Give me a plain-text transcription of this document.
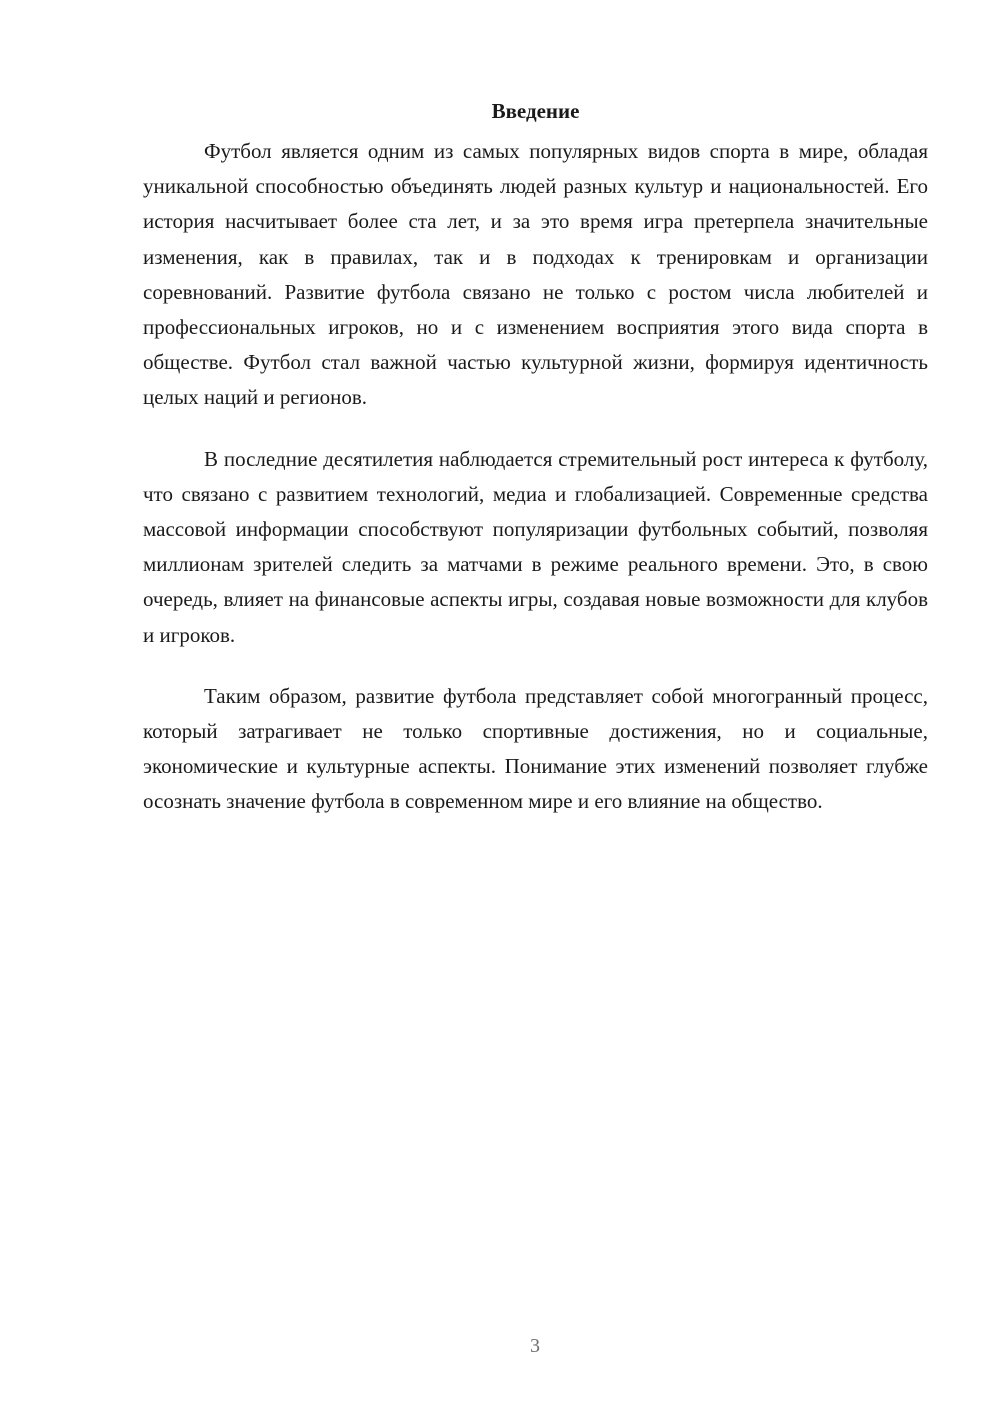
Введение

Футбол является одним из самых популярных видов спорта в мире, обладая уникальной способностью объединять людей разных культур и национальностей. Его история насчитывает более ста лет, и за это время игра претерпела значительные изменения, как в правилах, так и в подходах к тренировкам и организации соревнований. Развитие футбола связано не только с ростом числа любителей и профессиональных игроков, но и с изменением восприятия этого вида спорта в обществе. Футбол стал важной частью культурной жизни, формируя идентичность целых наций и регионов.

В последние десятилетия наблюдается стремительный рост интереса к футболу, что связано с развитием технологий, медиа и глобализацией. Современные средства массовой информации способствуют популяризации футбольных событий, позволяя миллионам зрителей следить за матчами в режиме реального времени. Это, в свою очередь, влияет на финансовые аспекты игры, создавая новые возможности для клубов и игроков.

Таким образом, развитие футбола представляет собой многогранный процесс, который затрагивает не только спортивные достижения, но и социальные, экономические и культурные аспекты. Понимание этих изменений позволяет глубже осознать значение футбола в современном мире и его влияние на общество.

3
